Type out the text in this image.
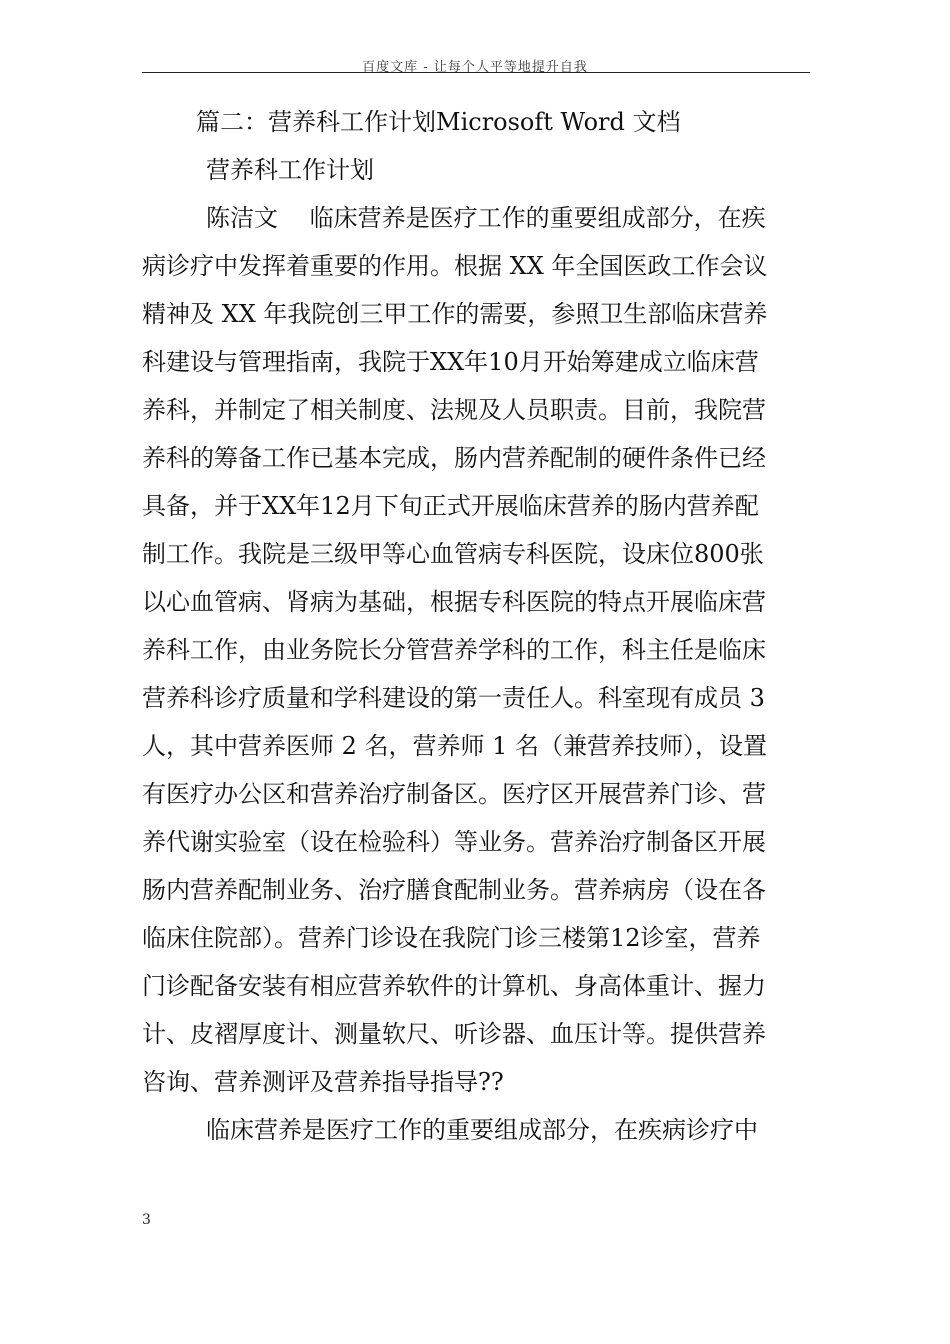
百度文库 - 让每个人平等地提升自我
篇二：营养科工作计划Microsoft Word 文档
营养科工作计划
陈洁文　 临床营养是医疗工作的重要组成部分，在疾
病诊疗中发挥着重要的作用。根据 XX 年全国医政工作会议
精神及 XX 年我院创三甲工作的需要，参照卫生部临床营养
科建设与管理指南，我院于XX年10月开始筹建成立临床营
养科，并制定了相关制度、法规及人员职责。目前，我院营
养科的筹备工作已基本完成，肠内营养配制的硬件条件已经
具备，并于XX年12月下旬正式开展临床营养的肠内营养配
制工作。我院是三级甲等心血管病专科医院，设床位800张
以心血管病、肾病为基础，根据专科医院的特点开展临床营
养科工作，由业务院长分管营养学科的工作，科主任是临床
营养科诊疗质量和学科建设的第一责任人。科室现有成员 3
人，其中营养医师 2 名，营养师 1 名（兼营养技师），设置
有医疗办公区和营养治疗制备区。医疗区开展营养门诊、营
养代谢实验室（设在检验科）等业务。营养治疗制备区开展
肠内营养配制业务、治疗膳食配制业务。营养病房（设在各
临床住院部）。营养门诊设在我院门诊三楼第12诊室，营养
门诊配备安装有相应营养软件的计算机、身高体重计、握力
计、皮褶厚度计、测量软尺、听诊器、血压计等。提供营养
咨询、营养测评及营养指导指导??
临床营养是医疗工作的重要组成部分，在疾病诊疗中
3
